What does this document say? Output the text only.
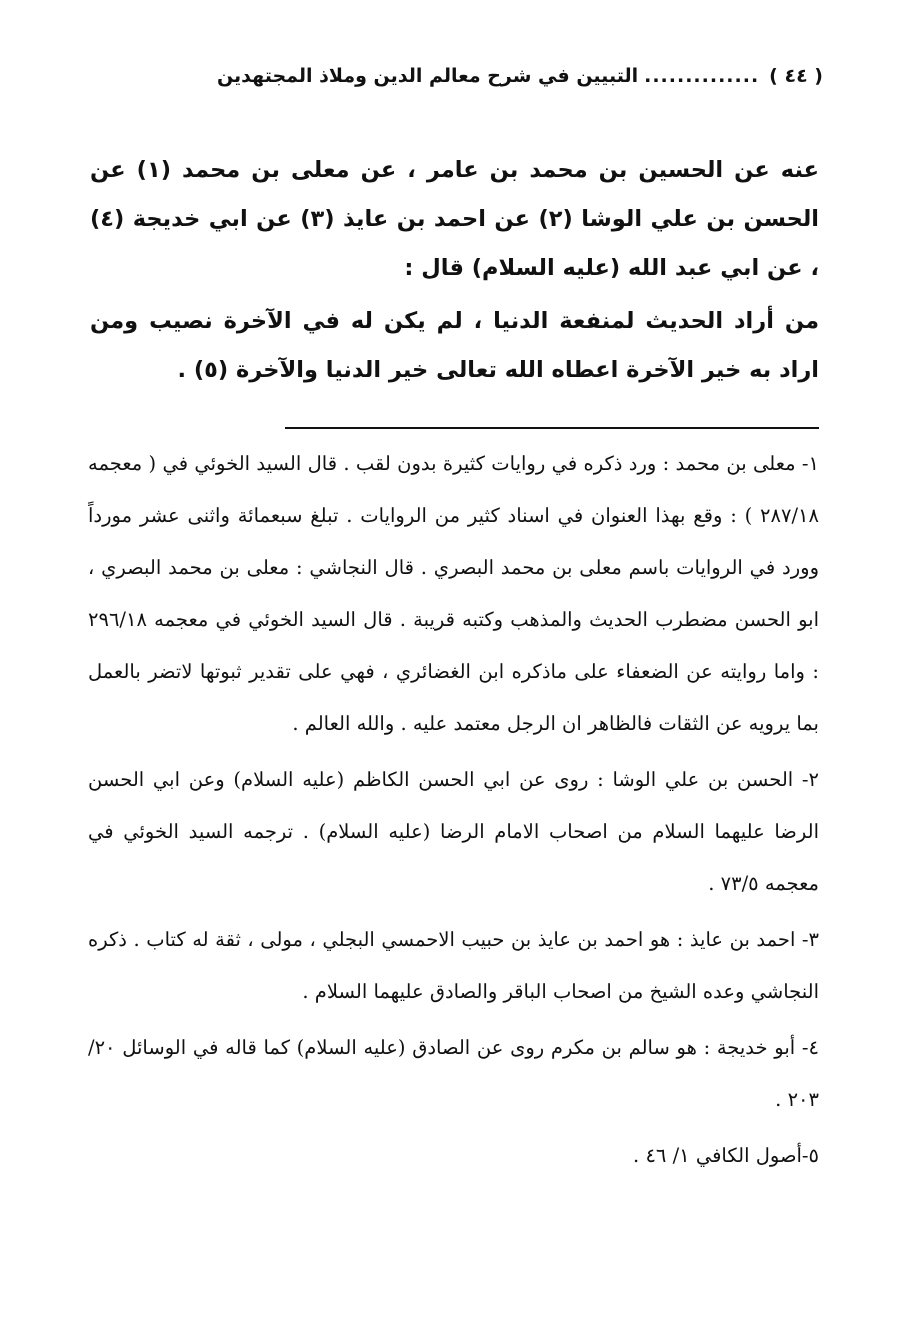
( ٤٤ )
..............
التبيين في شرح معالم الدين وملاذ المجتهدين

عنه عن الحسين بن محمد بن عامر ، عن معلى بن محمد (١) عن الحسن بن علي الوشا (٢) عن احمد بن عايذ (٣) عن ابي خديجة (٤) ، عن ابي عبد الله (عليه السلام) قال :

من أراد الحديث لمنفعة الدنيا ، لم يكن له في الآخرة نصيب ومن اراد به خير الآخرة اعطاه الله تعالى خير الدنيا والآخرة (٥) .

١- معلى بن محمد : ورد ذكره في روايات كثيرة بدون لقب . قال السيد الخوئي في ( معجمه ٢٨٧/١٨ ) : وقع بهذا العنوان في اسناد كثير من الروايات . تبلغ سبعمائة واثنى عشر مورداً وورد في الروايات باسم معلى بن محمد البصري . قال النجاشي : معلى بن محمد البصري ، ابو الحسن مضطرب الحديث والمذهب وكتبه قريبة . قال السيد الخوئي في معجمه ٢٩٦/١٨ : واما روايته عن الضعفاء على ماذكره ابن الغضائري ، فهي على تقدير ثبوتها لاتضر بالعمل بما يرويه عن الثقات فالظاهر ان الرجل معتمد عليه . والله العالم .

٢- الحسن بن علي الوشا : روى عن ابي الحسن الكاظم (عليه السلام) وعن ابي الحسن الرضا عليهما السلام من اصحاب الامام الرضا (عليه السلام) . ترجمه السيد الخوئي في معجمه ٧٣/٥ .

٣- احمد بن عايذ : هو احمد بن عايذ بن حبيب الاحمسي البجلي ، مولى ، ثقة له كتاب . ذكره النجاشي وعده الشيخ من اصحاب الباقر والصادق عليهما السلام .

٤- أبو خديجة : هو سالم بن مكرم روى عن الصادق (عليه السلام) كما قاله في الوسائل ٢٠/ ٢٠٣ .

٥-أصول الكافي ١/ ٤٦ .
